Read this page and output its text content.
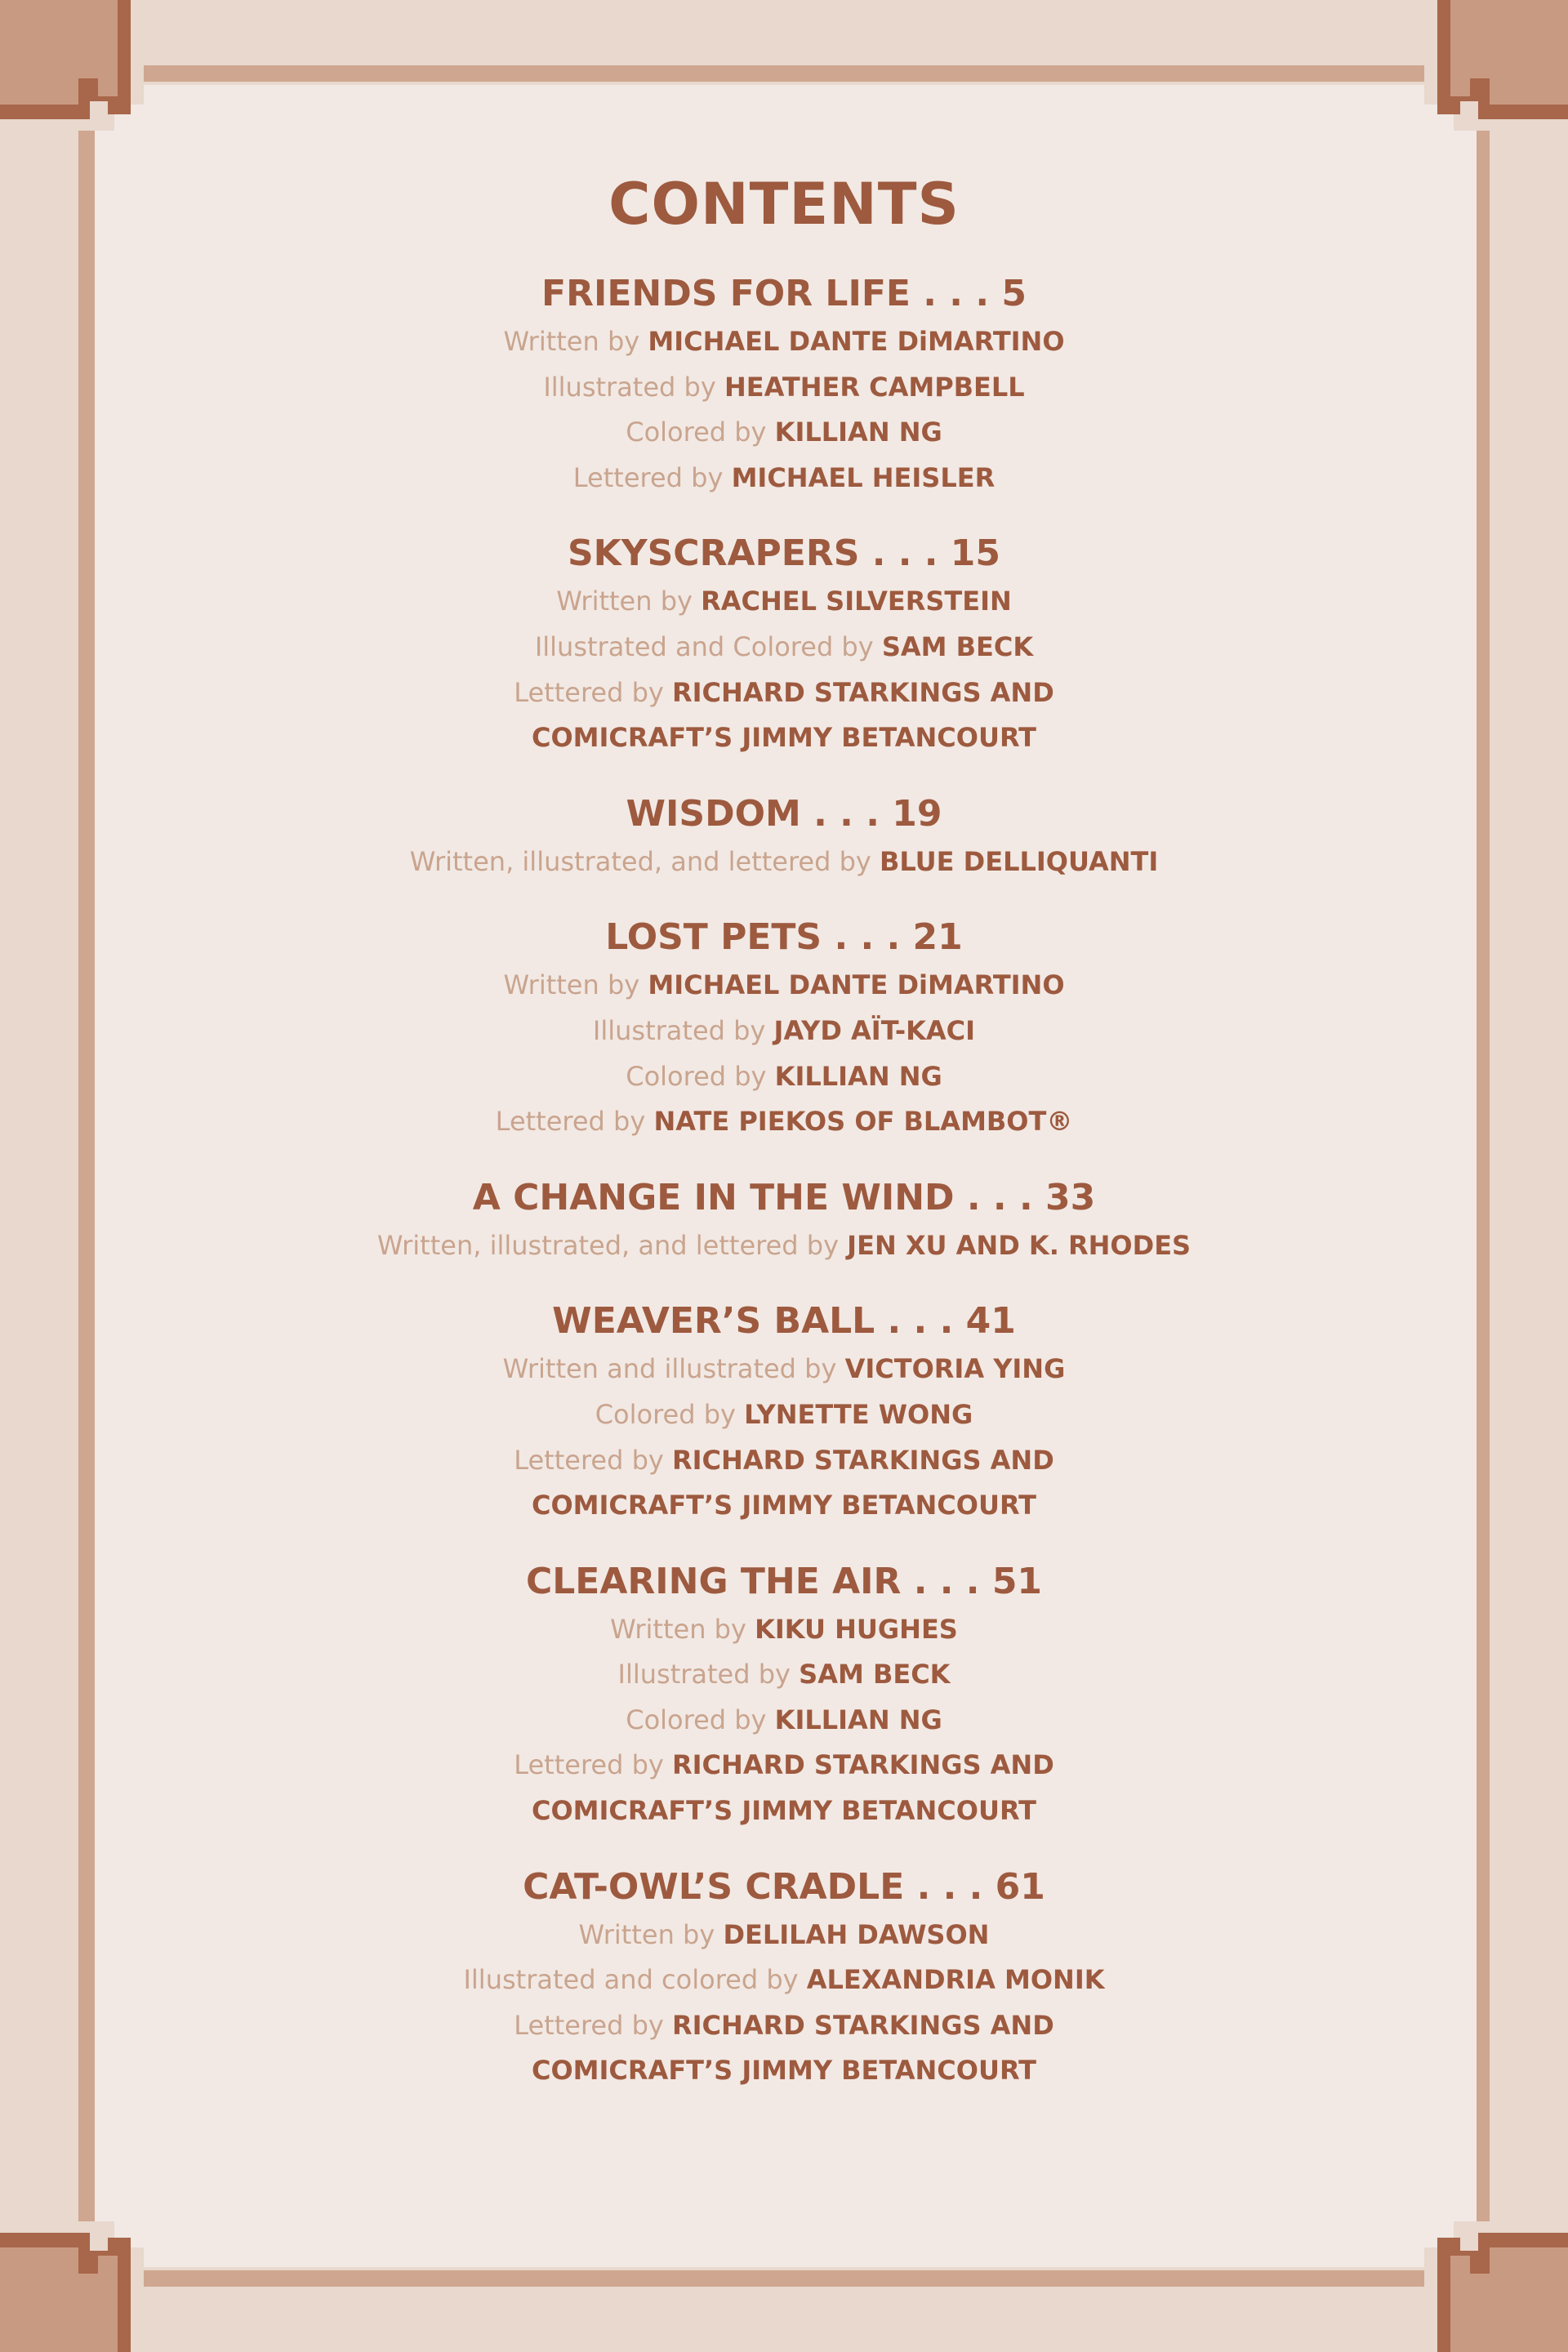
CONTENTS
FRIENDS FOR LIFE . . . 5
Written by MICHAEL DANTE DiMARTINO
Illustrated by HEATHER CAMPBELL
Colored by KILLIAN NG
Lettered by MICHAEL HEISLER
SKYSCRAPERS . . . 15
Written by RACHEL SILVERSTEIN
Illustrated and Colored by SAM BECK
Lettered by RICHARD STARKINGS AND
COMICRAFT’S JIMMY BETANCOURT
WISDOM . . . 19
Written, illustrated, and lettered by BLUE DELLIQUANTI
LOST PETS . . . 21
Written by MICHAEL DANTE DiMARTINO
Illustrated by JAYD AÏT-KACI
Colored by KILLIAN NG
Lettered by NATE PIEKOS OF BLAMBOT®
A CHANGE IN THE WIND . . . 33
Written, illustrated, and lettered by JEN XU AND K. RHODES
WEAVER’S BALL . . . 41
Written and illustrated by VICTORIA YING
Colored by LYNETTE WONG
Lettered by RICHARD STARKINGS AND
COMICRAFT’S JIMMY BETANCOURT
CLEARING THE AIR . . . 51
Written by KIKU HUGHES
Illustrated by SAM BECK
Colored by KILLIAN NG
Lettered by RICHARD STARKINGS AND
COMICRAFT’S JIMMY BETANCOURT
CAT-OWL’S CRADLE . . . 61
Written by DELILAH DAWSON
Illustrated and colored by ALEXANDRIA MONIK
Lettered by RICHARD STARKINGS AND
COMICRAFT’S JIMMY BETANCOURT
